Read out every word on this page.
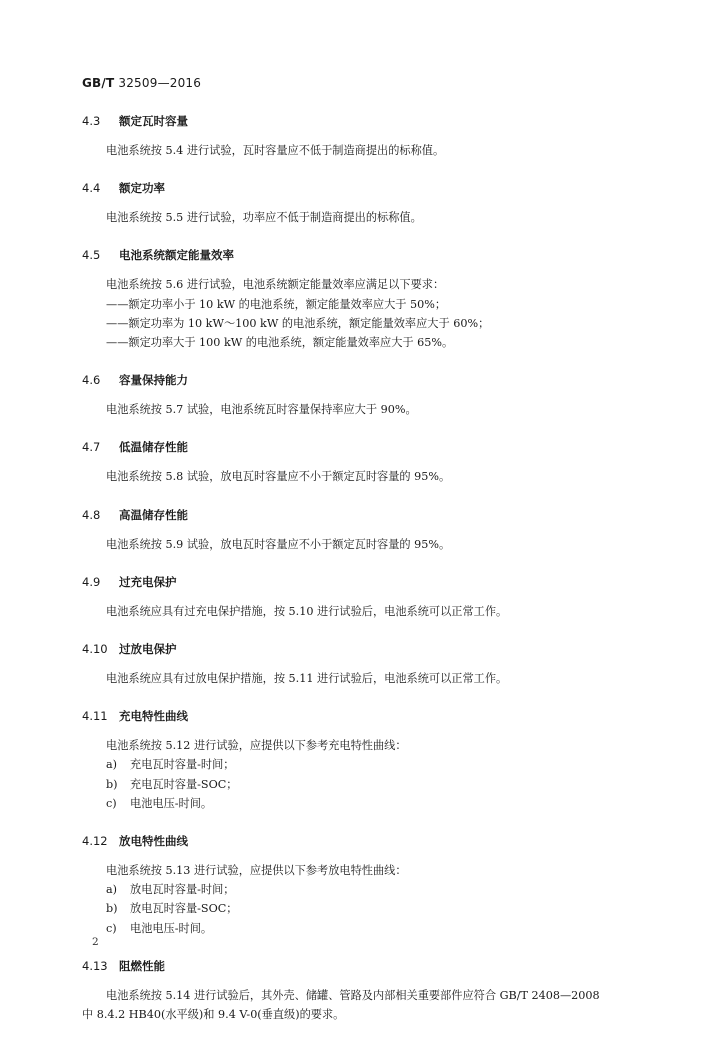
GB/T 32509—2016
4.3 额定瓦时容量
电池系统按 5.4 进行试验，瓦时容量应不低于制造商提出的标称值。
4.4 额定功率
电池系统按 5.5 进行试验，功率应不低于制造商提出的标称值。
4.5 电池系统额定能量效率
电池系统按 5.6 进行试验，电池系统额定能量效率应满足以下要求：
——额定功率小于 10 kW 的电池系统，额定能量效率应大于 50%；
——额定功率为 10 kW～100 kW 的电池系统，额定能量效率应大于 60%；
——额定功率大于 100 kW 的电池系统，额定能量效率应大于 65%。
4.6 容量保持能力
电池系统按 5.7 试验，电池系统瓦时容量保持率应大于 90%。
4.7 低温储存性能
电池系统按 5.8 试验，放电瓦时容量应不小于额定瓦时容量的 95%。
4.8 高温储存性能
电池系统按 5.9 试验，放电瓦时容量应不小于额定瓦时容量的 95%。
4.9 过充电保护
电池系统应具有过充电保护措施，按 5.10 进行试验后，电池系统可以正常工作。
4.10 过放电保护
电池系统应具有过放电保护措施，按 5.11 进行试验后，电池系统可以正常工作。
4.11 充电特性曲线
电池系统按 5.12 进行试验，应提供以下参考充电特性曲线：
a) 充电瓦时容量-时间；
b) 充电瓦时容量-SOC；
c) 电池电压-时间。
4.12 放电特性曲线
电池系统按 5.13 进行试验，应提供以下参考放电特性曲线：
a) 放电瓦时容量-时间；
b) 放电瓦时容量-SOC；
c) 电池电压-时间。
4.13 阻燃性能
电池系统按 5.14 进行试验后，其外壳、储罐、管路及内部相关重要部件应符合 GB/T 2408—2008
中 8.4.2 HB40(水平级)和 9.4 V-0(垂直级)的要求。
2
